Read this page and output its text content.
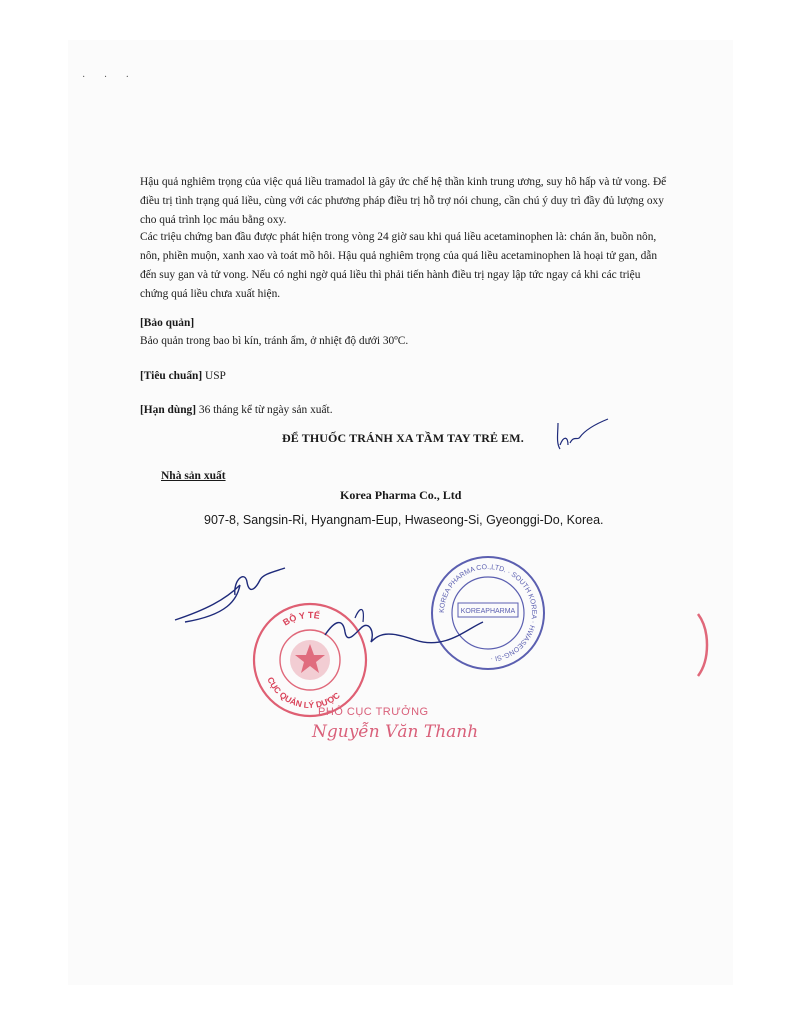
· · ·

Hậu quả nghiêm trọng của việc quá liều tramadol là gây ức chế hệ thần kinh trung ương, suy hô hấp và tử vong. Để điều trị tình trạng quá liều, cùng với các phương pháp điều trị hỗ trợ nói chung, cần chú ý duy trì đầy đủ lượng oxy cho quá trình lọc máu bằng oxy.

Các triệu chứng ban đầu được phát hiện trong vòng 24 giờ sau khi quá liều acetaminophen là: chán ăn, buồn nôn, nôn, phiền muộn, xanh xao và toát mồ hôi. Hậu quả nghiêm trọng của quá liều acetaminophen là hoại tử gan, dẫn đến suy gan và tử vong. Nếu có nghi ngờ quá liều thì phải tiến hành điều trị ngay lập tức ngay cả khi các triệu chứng quá liều chưa xuất hiện.

[Bảo quản]
Bảo quản trong bao bì kín, tránh ẩm, ở nhiệt độ dưới 30ºC.
[Tiêu chuẩn] USP
[Hạn dùng] 36 tháng kể từ ngày sản xuất.
ĐỂ THUỐC TRÁNH XA TẦM TAY TRẺ EM.
Nhà sản xuất
Korea Pharma Co., Ltd
907-8, Sangsin-Ri, Hyangnam-Eup, Hwaseong-Si, Gyeonggi-Do, Korea.
KOREA PHARMA CO.,LTD. · SOUTH KOREA · HWASEONG-SI ·
KOREAPHARMA
BỘ Y TẾ
CỤC QUẢN LÝ DƯỢC
PHÓ CỤC TRƯỞNG
Nguyễn Văn Thanh
